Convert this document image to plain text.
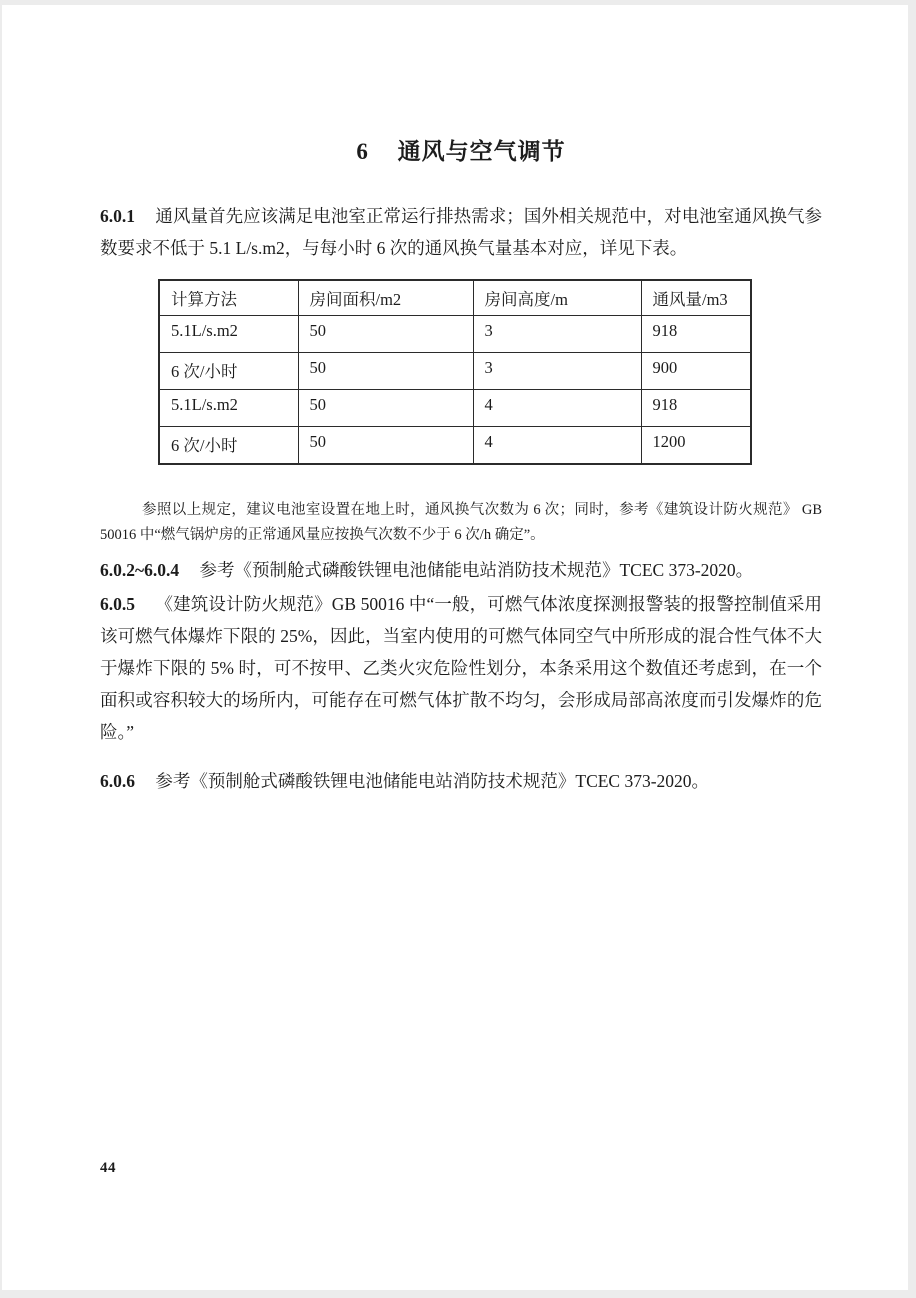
6 通风与空气调节

6.0.1 通风量首先应该满足电池室正常运行排热需求；国外相关规范中，对电池室通风换气参数要求不低于 5.1 L/s.m2，与每小时 6 次的通风换气量基本对应，详见下表。

计算方法	房间面积/m2	房间高度/m	通风量/m3
5.1L/s.m2	50	3	918
6 次/小时	50	3	900
5.1L/s.m2	50	4	918
6 次/小时	50	4	1200

参照以上规定，建议电池室设置在地上时，通风换气次数为 6 次；同时，参考《建筑设计防火规范》 GB 50016 中“燃气锅炉房的正常通风量应按换气次数不少于 6 次/h 确定”。

6.0.2~6.0.4 参考《预制舱式磷酸铁锂电池储能电站消防技术规范》TCEC 373-2020。

6.0.5 《建筑设计防火规范》GB 50016 中“一般，可燃气体浓度探测报警装的报警控制值采用该可燃气体爆炸下限的 25%，因此，当室内使用的可燃气体同空气中所形成的混合性气体不大于爆炸下限的 5% 时，可不按甲、乙类火灾危险性划分，本条采用这个数值还考虑到，在一个面积或容积较大的场所内，可能存在可燃气体扩散不均匀，会形成局部高浓度而引发爆炸的危险。”

6.0.6 参考《预制舱式磷酸铁锂电池储能电站消防技术规范》TCEC 373-2020。

44
